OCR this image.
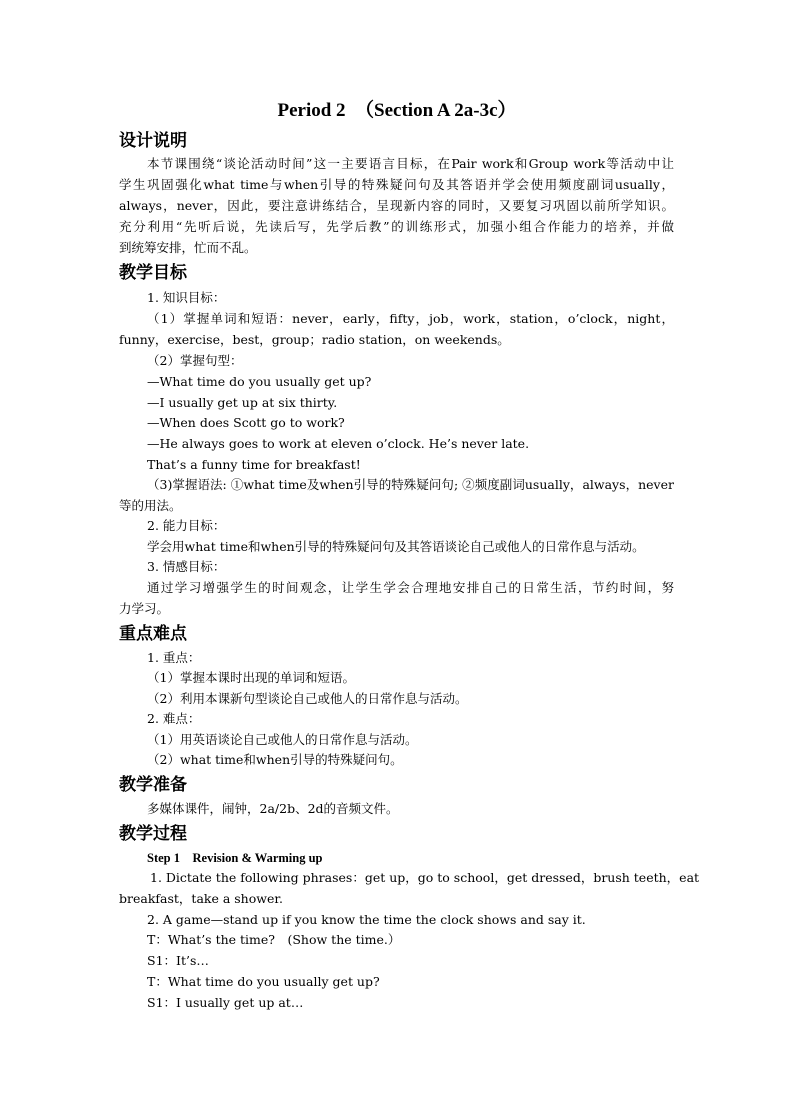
Period 2　（Section A 2a-3c）
设计说明
本节课围绕“谈论活动时间”这一主要语言目标，在Pair work和Group work等活动中让
学生巩固强化what time与when引导的特殊疑问句及其答语并学会使用频度副词usually，
always，never，因此，要注意讲练结合，呈现新内容的同时，又要复习巩固以前所学知识。
充分利用“先听后说，先读后写，先学后教”的训练形式，加强小组合作能力的培养，并做
到统筹安排，忙而不乱。
教学目标
1. 知识目标：
（1）掌握单词和短语：never，early，fifty，job，work，station，o’clock，night，
funny，exercise，best，group；radio station，on weekends。
（2）掌握句型：
—What time do you usually get up?
—I usually get up at six thirty.
—When does Scott go to work?
—He always goes to work at eleven o’clock. He’s never late.
That’s a funny time for breakfast!
（3)掌握语法: ①what time及when引导的特殊疑问句; ②频度副词usually，always，never
等的用法。
2. 能力目标：
学会用what time和when引导的特殊疑问句及其答语谈论自己或他人的日常作息与活动。
3. 情感目标：
通过学习增强学生的时间观念，让学生学会合理地安排自己的日常生活，节约时间，努
力学习。
重点难点
1. 重点：
（1）掌握本课时出现的单词和短语。
（2）利用本课新句型谈论自己或他人的日常作息与活动。
2. 难点：
（1）用英语谈论自己或他人的日常作息与活动。
（2）what time和when引导的特殊疑问句。
教学准备
多媒体课件，闹钟，2a/2b、2d的音频文件。
教学过程
Step 1　Revision & Warming up
1. Dictate the following phrases：get up，go to school，get dressed，brush teeth，eat
breakfast，take a shower.
2. A game—stand up if you know the time the clock shows and say it.
T：What’s the time?　(Show the time.）
S1：It’s…
T：What time do you usually get up?
S1：I usually get up at…
